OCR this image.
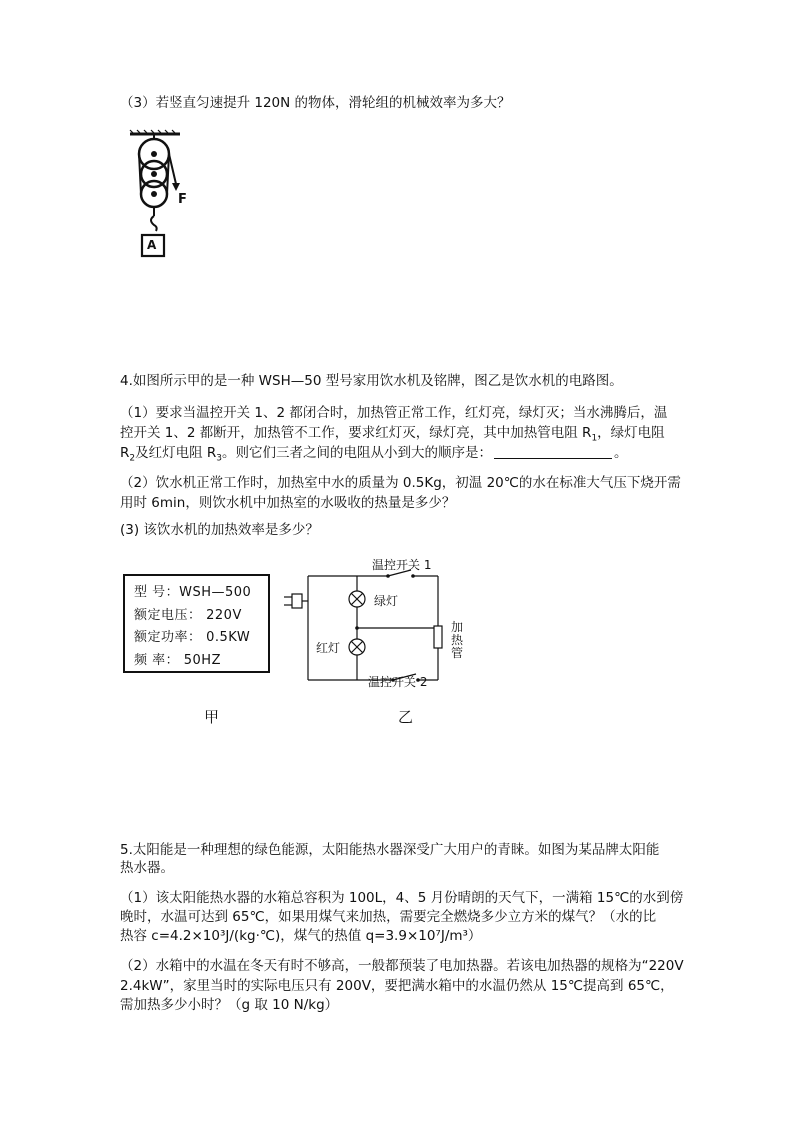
（3）若竖直匀速提升 120N 的物体，滑轮组的机械效率为多大？
F
A
4.如图所示甲的是一种 WSH—50 型号家用饮水机及铭牌，图乙是饮水机的电路图。
（1）要求当温控开关 1、2 都闭合时，加热管正常工作，红灯亮，绿灯灭；当水沸腾后，温
控开关 1、2 都断开，加热管不工作，要求红灯灭，绿灯亮，其中加热管电阻 $R_1$，绿灯电阻
$R_2$及红灯电阻 $R_3$。则它们三者之间的电阻从小到大的顺序是：	。
（2）饮水机正常工作时，加热室中水的质量为 0.5Kg，初温 20℃的水在标准大气压下烧开需
用时 6min，则饮水机中加热室的水吸收的热量是多少？
(3) 该饮水机的加热效率是多少？
型 号：WSH—500
额定电压： 220V
额定功率： 0.5KW
频 率： 50HZ
温控开关 1
温控开关 2
绿灯
红灯
加
热
管
甲	乙
5.太阳能是一种理想的绿色能源，太阳能热水器深受广大用户的青睐。如图为某品牌太阳能
热水器。
（1）该太阳能热水器的水箱总容积为 100L，4、5 月份晴朗的天气下，一满箱 15℃的水到傍
晚时，水温可达到 65℃，如果用煤气来加热，需要完全燃烧多少立方米的煤气？（水的比
热容 c=4.2×10³J/(kg·℃)，煤气的热值 q=3.9×10⁷J/m³）
（2）水箱中的水温在冬天有时不够高，一般都预装了电加热器。若该电加热器的规格为“220V
2.4kW”，家里当时的实际电压只有 200V，要把满水箱中的水温仍然从 15℃提高到 65℃，
需加热多少小时？（g 取 10 N/kg）
